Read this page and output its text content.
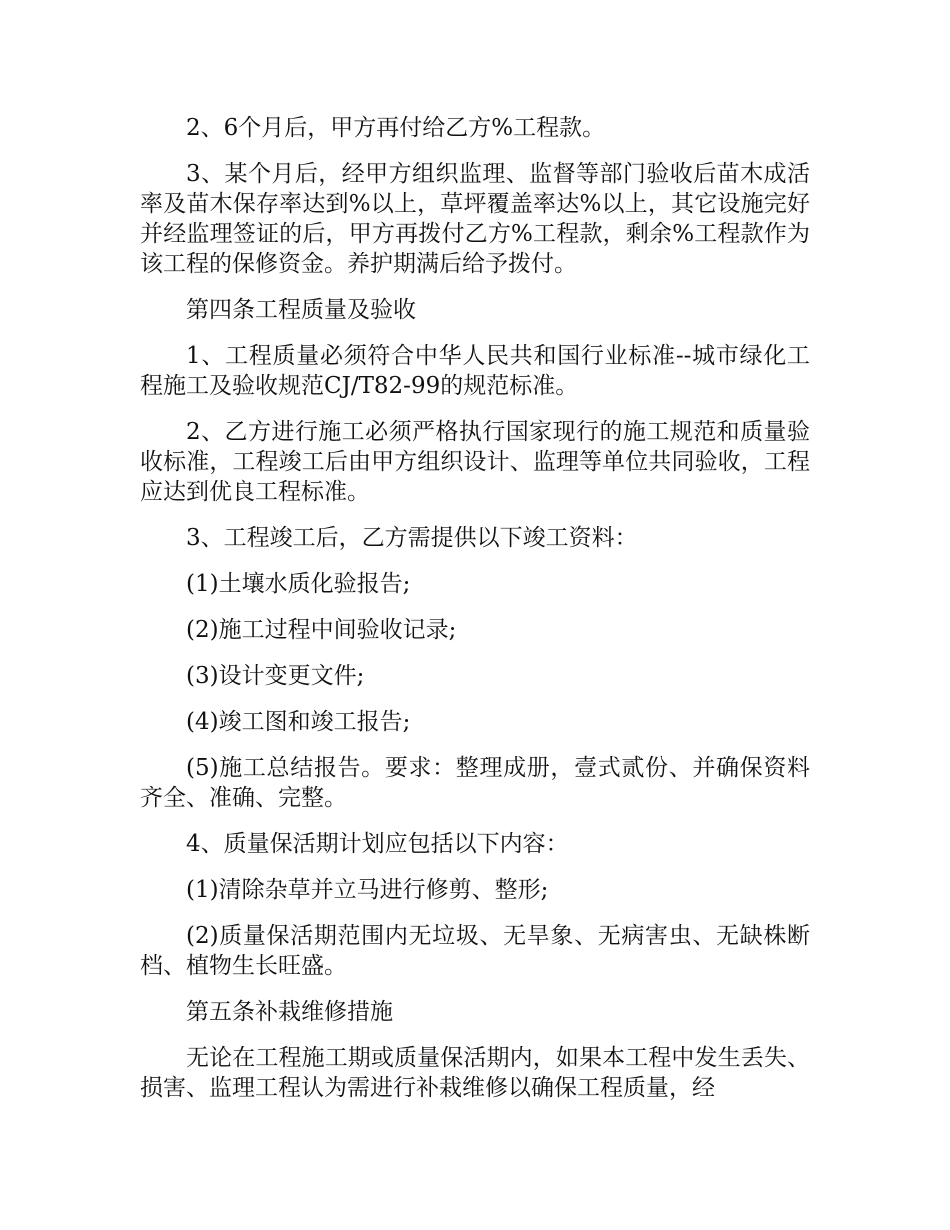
2、6个月后，甲方再付给乙方%工程款。

3、某个月后，经甲方组织监理、监督等部门验收后苗木成活率及苗木保存率达到%以上，草坪覆盖率达%以上，其它设施完好并经监理签证的后，甲方再拨付乙方%工程款，剩余%工程款作为该工程的保修资金。养护期满后给予拨付。

第四条工程质量及验收

1、工程质量必须符合中华人民共和国行业标准--城市绿化工程施工及验收规范CJ/T82-99的规范标准。

2、乙方进行施工必须严格执行国家现行的施工规范和质量验收标准，工程竣工后由甲方组织设计、监理等单位共同验收，工程应达到优良工程标准。

3、工程竣工后，乙方需提供以下竣工资料：

(1)土壤水质化验报告;

(2)施工过程中间验收记录;

(3)设计变更文件;

(4)竣工图和竣工报告;

(5)施工总结报告。要求：整理成册，壹式贰份、并确保资料齐全、准确、完整。

4、质量保活期计划应包括以下内容：

(1)清除杂草并立马进行修剪、整形;

(2)质量保活期范围内无垃圾、无旱象、无病害虫、无缺株断档、植物生长旺盛。

第五条补栽维修措施

无论在工程施工期或质量保活期内，如果本工程中发生丢失、损害、监理工程认为需进行补栽维修以确保工程质量，经
